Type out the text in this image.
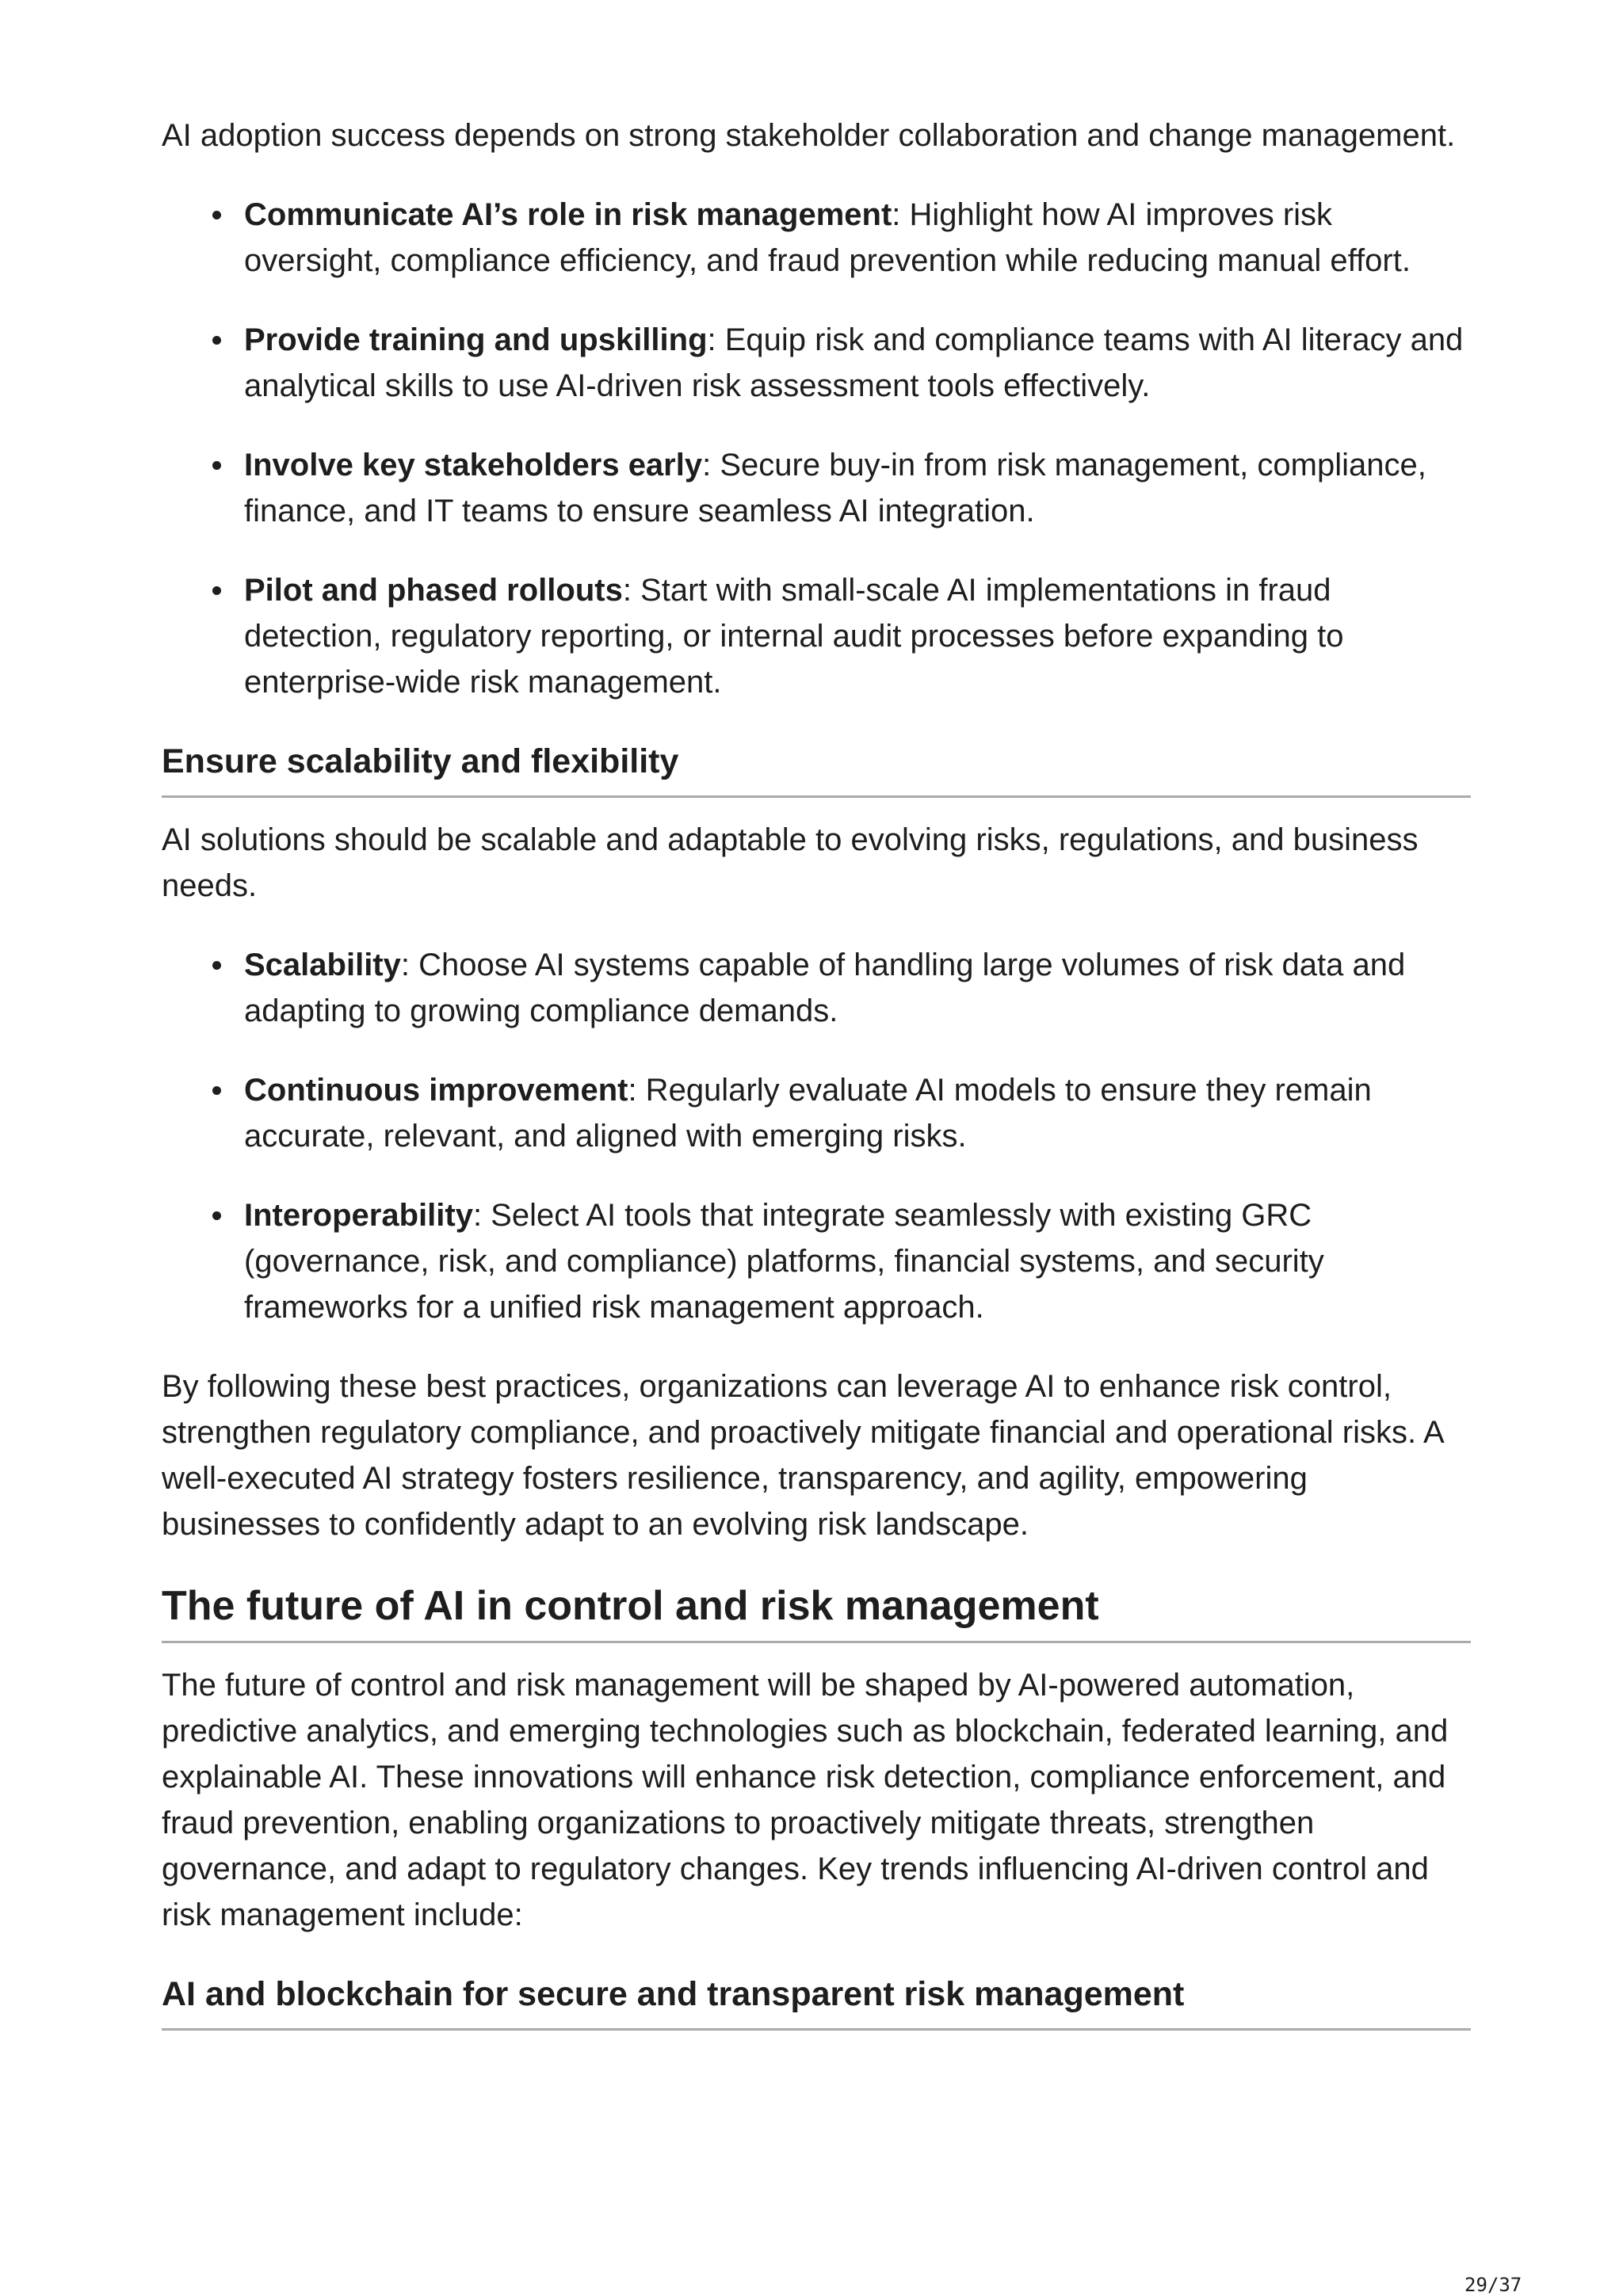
AI adoption success depends on strong stakeholder collaboration and change management.

Communicate AI’s role in risk management: Highlight how AI improves risk oversight, compliance efficiency, and fraud prevention while reducing manual effort.
Provide training and upskilling: Equip risk and compliance teams with AI literacy and analytical skills to use AI-driven risk assessment tools effectively.
Involve key stakeholders early: Secure buy-in from risk management, compliance, finance, and IT teams to ensure seamless AI integration.
Pilot and phased rollouts: Start with small-scale AI implementations in fraud detection, regulatory reporting, or internal audit processes before expanding to enterprise-wide risk management.
Ensure scalability and flexibility

AI solutions should be scalable and adaptable to evolving risks, regulations, and business needs.

Scalability: Choose AI systems capable of handling large volumes of risk data and adapting to growing compliance demands.
Continuous improvement: Regularly evaluate AI models to ensure they remain accurate, relevant, and aligned with emerging risks.
Interoperability: Select AI tools that integrate seamlessly with existing GRC (governance, risk, and compliance) platforms, financial systems, and security frameworks for a unified risk management approach.

By following these best practices, organizations can leverage AI to enhance risk control, strengthen regulatory compliance, and proactively mitigate financial and operational risks. A well-executed AI strategy fosters resilience, transparency, and agility, empowering businesses to confidently adapt to an evolving risk landscape.

The future of AI in control and risk management

The future of control and risk management will be shaped by AI-powered automation, predictive analytics, and emerging technologies such as blockchain, federated learning, and explainable AI. These innovations will enhance risk detection, compliance enforcement, and fraud prevention, enabling organizations to proactively mitigate threats, strengthen governance, and adapt to regulatory changes. Key trends influencing AI-driven control and risk management include:

AI and blockchain for secure and transparent risk management
29/37
